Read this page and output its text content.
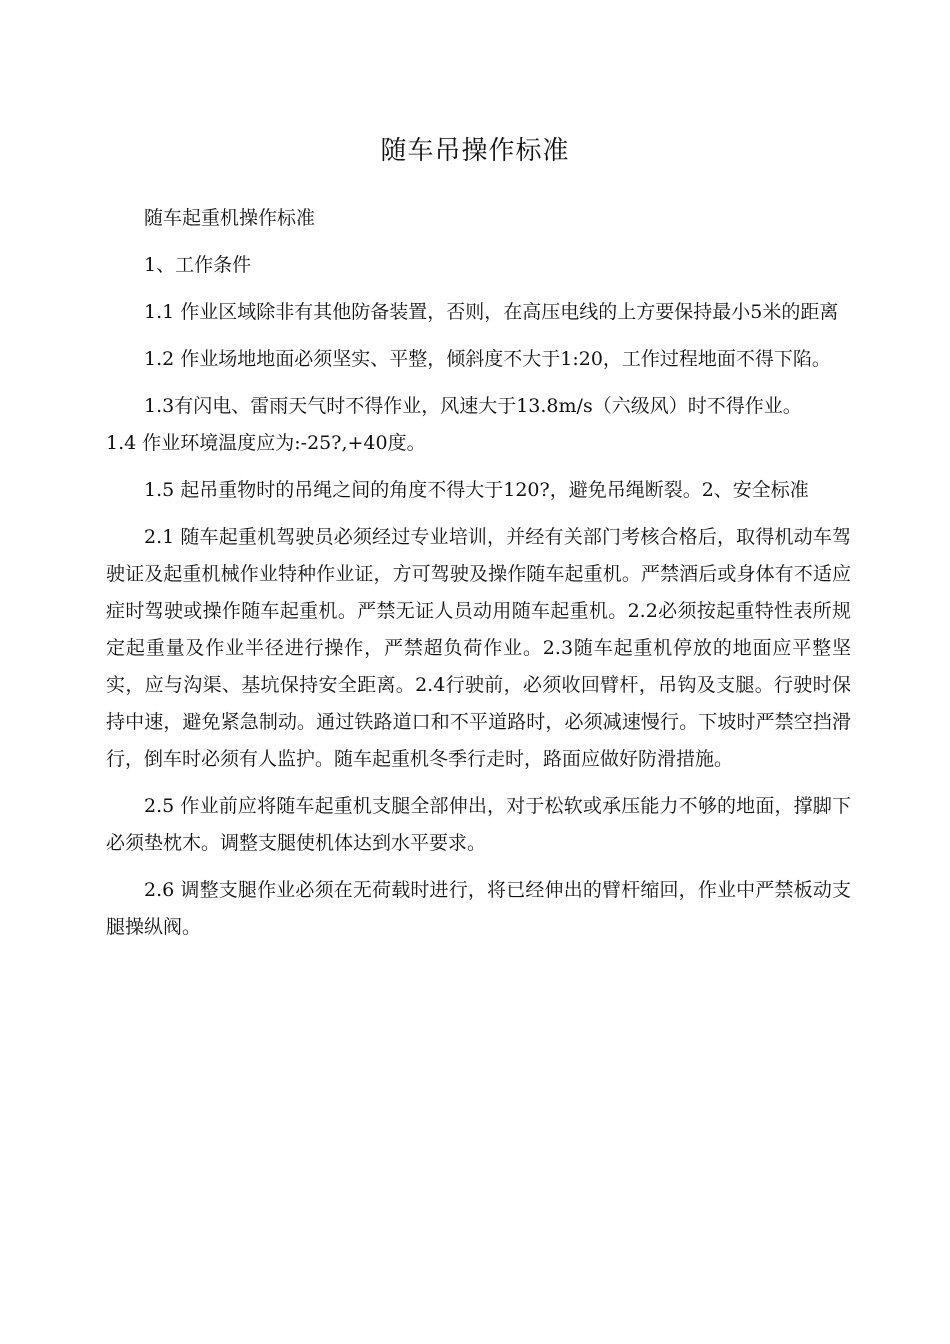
随车吊操作标准

随车起重机操作标准

1、工作条件

1.1 作业区域除非有其他防备装置，否则，在高压电线的上方要保持最小5米的距离

1.2 作业场地地面必须坚实、平整，倾斜度不大于1:20，工作过程地面不得下陷。

1.3有闪电、雷雨天气时不得作业，风速大于13.8m/s（六级风）时不得作业。

1.4 作业环境温度应为:-25?,+40度。

1.5 起吊重物时的吊绳之间的角度不得大于120?，避免吊绳断裂。2、安全标准

2.1 随车起重机驾驶员必须经过专业培训，并经有关部门考核合格后，取得机动车驾驶证及起重机械作业特种作业证，方可驾驶及操作随车起重机。严禁酒后或身体有不适应症时驾驶或操作随车起重机。严禁无证人员动用随车起重机。2.2必须按起重特性表所规定起重量及作业半径进行操作，严禁超负荷作业。2.3随车起重机停放的地面应平整坚实，应与沟渠、基坑保持安全距离。2.4行驶前，必须收回臂杆，吊钩及支腿。行驶时保持中速，避免紧急制动。通过铁路道口和不平道路时，必须减速慢行。下坡时严禁空挡滑行，倒车时必须有人监护。随车起重机冬季行走时，路面应做好防滑措施。

2.5 作业前应将随车起重机支腿全部伸出，对于松软或承压能力不够的地面，撑脚下必须垫枕木。调整支腿使机体达到水平要求。

2.6 调整支腿作业必须在无荷载时进行，将已经伸出的臂杆缩回，作业中严禁板动支腿操纵阀。
